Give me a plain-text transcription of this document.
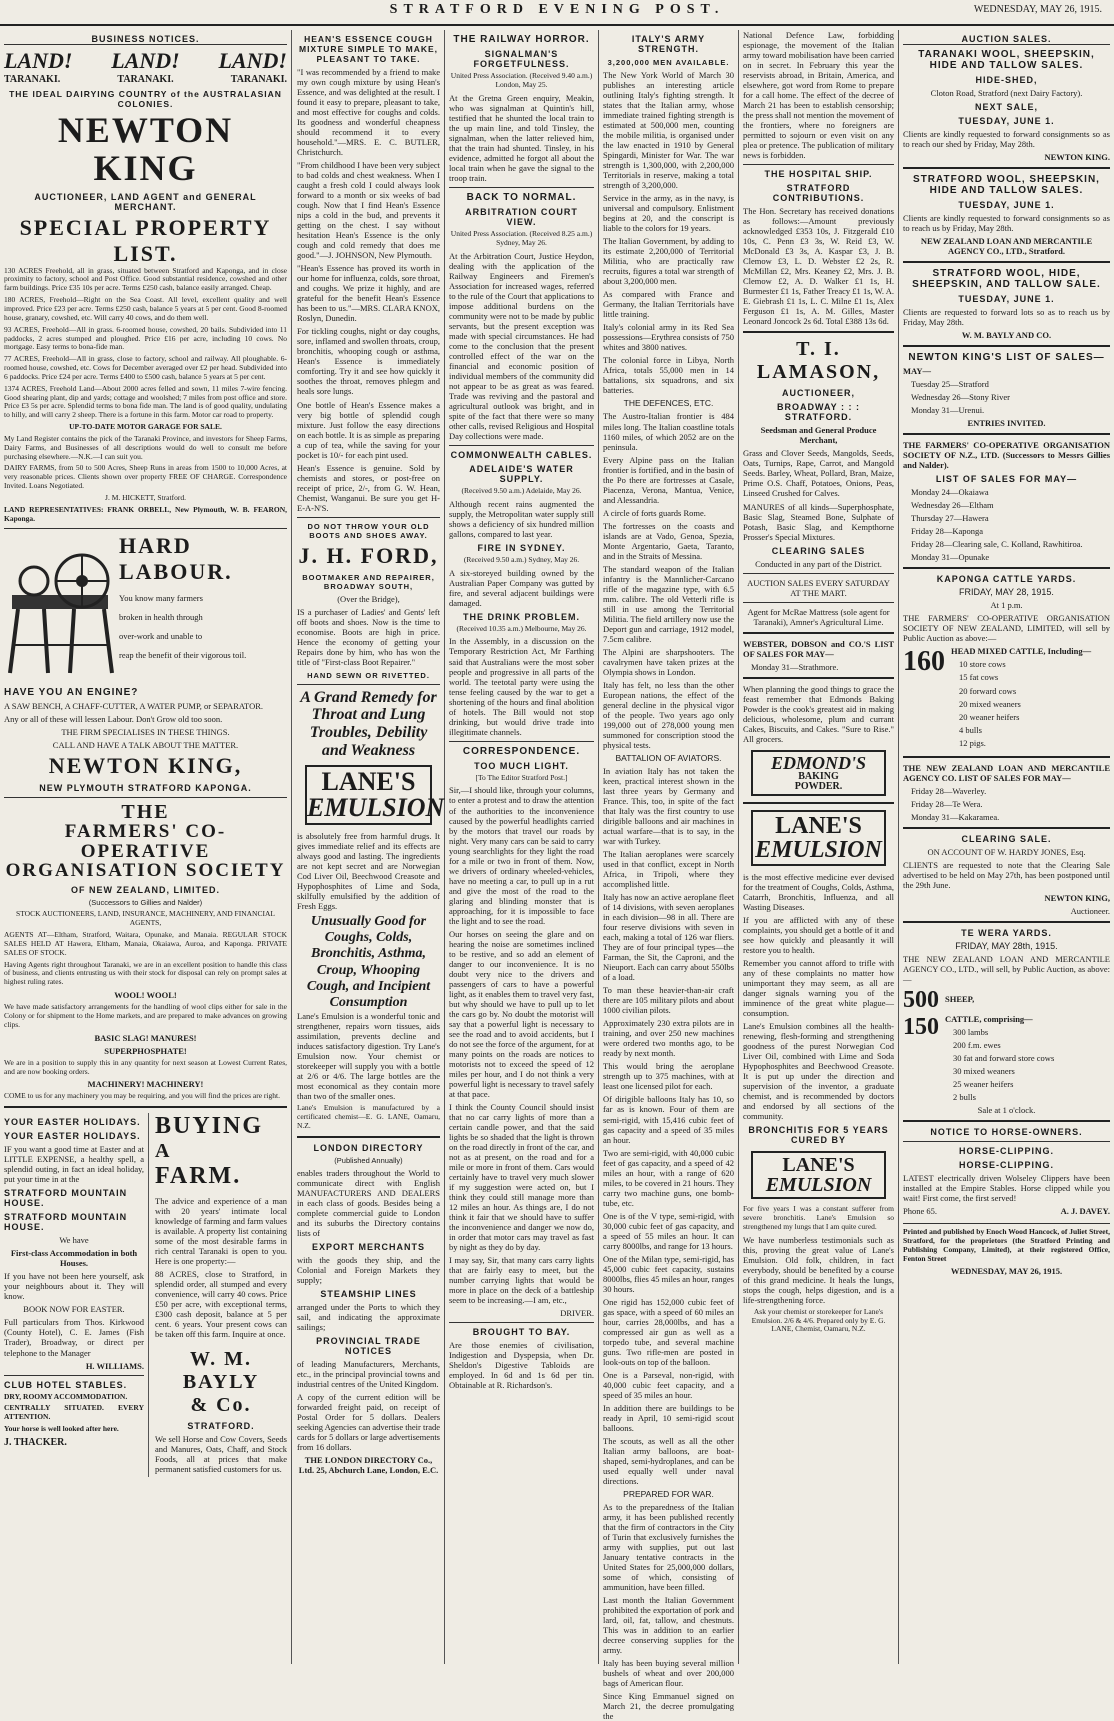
STRATFORD EVENING POST.	WEDNESDAY, MAY 26, 1915.
BUSINESS NOTICES.
LAND! LAND! LAND!
TARANAKI.	TARANAKI.	TARANAKI.
THE IDEAL DAIRYING COUNTRY of the AUSTRALASIAN COLONIES.
NEWTON KING
AUCTIONEER, LAND AGENT and GENERAL MERCHANT.
SPECIAL PROPERTY LIST.

130 ACRES Freehold, all in grass, situated between Stratford and Kaponga, and in close proximity to factory, school and Post Office. Good substantial residence, cowshed and other farm buildings. Price £35 10s per acre. Terms £250 cash, balance easily arranged. Cheap.

180 ACRES, Freehold—Right on the Sea Coast. All level, excellent quality and well improved. Price £23 per acre. Terms £250 cash, balance 5 years at 5 per cent. Good 8-roomed house, granary, cowshed, etc. Will carry 40 cows, and do them well.

93 ACRES, Freehold—All in grass. 6-roomed house, cowshed, 20 bails. Subdivided into 11 paddocks, 2 acres stumped and ploughed. Price £16 per acre, including 10 cows. No mortgage. Easy terms to bona-fide man.

77 ACRES, Freehold—All in grass, close to factory, school and railway. All ploughable. 6-roomed house, cowshed, etc. Cows for December averaged over £2 per head. Subdivided into 6 paddocks. Price £24 per acre. Terms £400 to £500 cash, balance 5 years at 5 per cent.

1374 ACRES, Freehold Land—About 2000 acres felled and sown, 11 miles 7-wire fencing. Good shearing plant, dip and yards; cottage and woolshed; 7 miles from post office and store. Price £3 5s per acre. Splendid terms to bona fide man. The land is of good quality, undulating to hilly, and will carry 2 sheep. There is a fortune in this farm. Motor car road to property.

UP-TO-DATE MOTOR GARAGE FOR SALE.

My Land Register contains the pick of the Taranaki Province, and investors for Sheep Farms, Dairy Farms, and Businesses of all descriptions would do well to consult me before purchasing elsewhere.—N.K.—I can suit you.

DAIRY FARMS, from 50 to 500 Acres, Sheep Runs in areas from 1500 to 10,000 Acres, at very reasonable prices. Clients shown over property FREE OF CHARGE. Correspondence Invited. Loans Negotiated.

J. M. HICKETT, Stratford.

LAND REPRESENTATIVES: FRANK ORBELL, New Plymouth, W. B. FEARON, Kaponga.

HARD
LABOUR.

You know many farmers

broken in health through

over-work and unable to

reap the benefit of their vigorous toil.

HAVE YOU AN ENGINE?

A SAW BENCH, A CHAFF-CUTTER, A WATER PUMP, or SEPARATOR.

Any or all of these will lessen Labour. Don't Grow old too soon.

THE FIRM SPECIALISES IN THESE THINGS.

CALL AND HAVE A TALK ABOUT THE MATTER.

NEWTON KING,
NEW PLYMOUTH STRATFORD KAPONGA.
THE
FARMERS' CO-OPERATIVE
ORGANISATION SOCIETY
OF NEW ZEALAND, LIMITED.
(Successors to Gillies and Nalder)

STOCK AUCTIONEERS, LAND, INSURANCE, MACHINERY, AND FINANCIAL AGENTS,

AGENTS AT—Eltham, Stratford, Waitara, Opunake, and Manaia. REGULAR STOCK SALES HELD AT Hawera, Eltham, Manaia, Okaiawa, Auroa, and Kaponga. PRIVATE SALES OF STOCK.

Having Agents right throughout Taranaki, we are in an excellent position to handle this class of business, and clients entrusting us with their stock for disposal can rely on prompt sales at highest ruling rates.

WOOL! WOOL!

We have made satisfactory arrangements for the handling of wool clips either for sale in the Colony or for shipment to the Home markets, and are prepared to make advances on growing clips.

BASIC SLAG! MANURES!

SUPERPHOSPHATE!

We are in a position to supply this in any quantity for next season at Lowest Current Rates, and are now booking orders.

MACHINERY! MACHINERY!

COME to us for any machinery you may be requiring, and you will find the prices are right.

YOUR EASTER HOLIDAYS.
YOUR EASTER HOLIDAYS.

IF you want a good time at Easter and at LITTLE EXPENSE, a healthy spell, a splendid outing, in fact an ideal holiday, put your time in at the

STRATFORD MOUNTAIN HOUSE.
STRATFORD MOUNTAIN HOUSE.

We have

First-class Accommodation in both Houses.

If you have not been here yourself, ask your neighbours about it. They will know.

BOOK NOW FOR EASTER.

Full particulars from Thos. Kirkwood (County Hotel), C. E. James (Fish Trader), Broadway, or direct per telephone to the Manager

H. WILLIAMS.

CLUB HOTEL STABLES.

DRY, ROOMY ACCOMMODATION.

CENTRALLY SITUATED. EVERY ATTENTION.

Your horse is well looked after here.

J. THACKER.

BUYING
A
FARM.

The advice and experience of a man with 20 years' intimate local knowledge of farming and farm values is available. A property list containing some of the most desirable farms in rich central Taranaki is open to you. Here is one property:—

88 ACRES, close to Stratford, in splendid order, all stumped and every convenience, will carry 40 cows. Price £50 per acre, with exceptional terms, £300 cash deposit, balance at 5 per cent. 6 years. Your present cows can be taken off this farm. Inquire at once.

W. M. BAYLY
& Co.
STRATFORD.

We sell Horse and Cow Covers, Seeds and Manures, Oats, Chaff, and Stock Foods, all at prices that make permanent satisfied customers for us.

HEAN'S ESSENCE COUGH MIXTURE SIMPLE TO MAKE, PLEASANT TO TAKE.

"I was recommended by a friend to make my own cough mixture by using Hean's Essence, and was delighted at the result. I found it easy to prepare, pleasant to take, and most effective for coughs and colds. Its goodness and wonderful cheapness should recommend it to every household."—MRS. E. C. BUTLER, Christchurch.

"From childhood I have been very subject to bad colds and chest weakness. When I caught a fresh cold I could always look forward to a month or six weeks of bad cough. Now that I find Hean's Essence nips a cold in the bud, and prevents it getting on the chest. I say without hesitation Hean's Essence is the only cough and cold remedy that does me good."—J. JOHNSON, New Plymouth.

"Hean's Essence has proved its worth in our home for influenza, colds, sore throat, and coughs. We prize it highly, and are grateful for the benefit Hean's Essence has been to us."—MRS. CLARA KNOX, Roslyn, Dunedin.

For tickling coughs, night or day coughs, sore, inflamed and swollen throats, croup, bronchitis, whooping cough or asthma, Hean's Essence is immediately comforting. Try it and see how quickly it soothes the throat, removes phlegm and heals sore lungs.

One bottle of Hean's Essence makes a very big bottle of splendid cough mixture. Just follow the easy directions on each bottle. It is as simple as preparing a cup of tea, while the saving for your pocket is 10/- for each pint used.

Hean's Essence is genuine. Sold by chemists and stores, or post-free on receipt of price, 2/-, from G. W. Hean, Chemist, Wanganui. Be sure you get H-E-A-N'S.

DO NOT THROW YOUR OLD BOOTS AND SHOES AWAY.
J. H. FORD,
BOOTMAKER AND REPAIRER, BROADWAY SOUTH,

(Over the Bridge),

IS a purchaser of Ladies' and Gents' left off boots and shoes. Now is the time to economise. Boots are high in price. Hence the economy of getting your Repairs done by him, who has won the title of "First-class Boot Repairer."

HAND SEWN OR RIVETTED.
A Grand Remedy for Throat and Lung Troubles, Debility and Weakness
LANE'S
EMULSION

is absolutely free from harmful drugs. It gives immediate relief and its effects are always good and lasting. The ingredients are not kept secret and are Norwegian Cod Liver Oil, Beechwood Creasote and Hypophosphites of Lime and Soda, skilfully emulsified by the addition of Fresh Eggs.

Unusually Good for Coughs, Colds, Bronchitis, Asthma, Croup, Whooping Cough, and Incipient Consumption

Lane's Emulsion is a wonderful tonic and strengthener, repairs worn tissues, aids assimilation, prevents decline and induces satisfactory digestion. Try Lane's Emulsion now. Your chemist or storekeeper will supply you with a bottle at 2/6 or 4/6. The large bottles are the most economical as they contain more than two of the smaller ones.

Lane's Emulsion is manufactured by a certificated chemist—E. G. LANE, Oamaru, N.Z.

LONDON DIRECTORY
(Published Annually)

enables traders throughout the World to communicate direct with English MANUFACTURERS AND DEALERS in each class of goods. Besides being a complete commercial guide to London and its suburbs the Directory contains lists of

EXPORT MERCHANTS

with the goods they ship, and the Colonial and Foreign Markets they supply;

STEAMSHIP LINES

arranged under the Ports to which they sail, and indicating the approximate sailings;

PROVINCIAL TRADE NOTICES

of leading Manufacturers, Merchants, etc., in the principal provincial towns and industrial centres of the United Kingdom.

A copy of the current edition will be forwarded freight paid, on receipt of Postal Order for 5 dollars. Dealers seeking Agencies can advertise their trade cards for 5 dollars or large advertisements from 16 dollars.

THE LONDON DIRECTORY Co., Ltd. 25, Abchurch Lane, London, E.C.

THE RAILWAY HORROR.
SIGNALMAN'S FORGETFULNESS.

United Press Association. (Received 9.40 a.m.) London, May 25.

At the Gretna Green enquiry, Meakin, who was signalman at Quintin's hill, testified that he shunted the local train to the up main line, and told Tinsley, the signalman, when the latter relieved him, that the train had shunted. Tinsley, in his evidence, admitted he forgot all about the local train when he gave the signal to the troop train.

BACK TO NORMAL.
ARBITRATION COURT VIEW.

United Press Association. (Received 8.25 a.m.) Sydney, May 26.

At the Arbitration Court, Justice Heydon, dealing with the application of the Railway Engineers and Firemen's Association for increased wages, referred to the rule of the Court that applications to impose additional burdens on the community were not to be made by public servants, but the present exception was made with special circumstances. He had come to the conclusion that the present controlled effect of the war on the financial and economic position of individual members of the community did not appear to be as great as was feared. Trade was reviving and the pastoral and agricultural outlook was bright, and in spite of the fact that there were so many other calls, revised Religious and Hospital Day collections were made.

COMMONWEALTH CABLES.
ADELAIDE'S WATER SUPPLY.

(Received 9.50 a.m.) Adelaide, May 26.

Although recent rains augmented the supply, the Metropolitan water supply still shows a deficiency of six hundred million gallons, compared to last year.

FIRE IN SYDNEY.

(Received 9.50 a.m.) Sydney, May 26.

A six-storeyed building owned by the Australian Paper Company was gutted by fire, and several adjacent buildings were damaged.

THE DRINK PROBLEM.

(Received 10.35 a.m.) Melbourne, May 26.

In the Assembly, in a discussion on the Temporary Restriction Act, Mr Farthing said that Australians were the most sober people and progressive in all parts of the world. The teetotal party were using the tense feeling caused by the war to get a shortening of the hours and final abolition of hotels. The Bill would not stop drinking, but would drive trade into illegitimate channels.

CORRESPONDENCE.
TOO MUCH LIGHT.

[To The Editor Stratford Post.]

Sir,—I should like, through your columns, to enter a protest and to draw the attention of the authorities to the inconvenience caused by the powerful headlights carried by the motors that travel our roads by night. Very many cars can be said to carry young searchlights for they light the road for a mile or two in front of them. Now, we drivers of ordinary wheeled-vehicles, have no meeting a car, to pull up in a rut and give the most of the road to the glaring and blinding monster that is approaching, for it is impossible to face the light and to see the road.

Our horses on seeing the glare and on hearing the noise are sometimes inclined to be restive, and so add an element of danger to our inconvenience. It is no doubt very nice to the drivers and passengers of cars to have a powerful light, as it enables them to travel very fast, but why should we have to pull up to let the cars go by. No doubt the motorist will say that a powerful light is necessary to see the road and to avoid accidents, but I do not see the force of the argument, for at many points on the roads are notices to motorists not to exceed the speed of 12 miles per hour, and I do not think a very powerful light is necessary to travel safely at that pace.

I think the County Council should insist that no car carry lights of more than a certain candle power, and that the said lights be so shaded that the light is thrown on the road directly in front of the car, and not as at present, on the road and for a mile or more in front of them. Cars would certainly have to travel very much slower if my suggestion were acted on, but I think they could still manage more than 12 miles an hour. As things are, I do not think it fair that we should have to suffer the inconvenience and danger we now do, in order that motor cars may travel as fast by night as they do by day.

I may say, Sir, that many cars carry lights that are fairly easy to meet, but the number carrying lights that would be more in place on the deck of a battleship seem to be increasing.—I am, etc.,

DRIVER.

BROUGHT TO BAY.

Are those enemies of civilisation, Indigestion and Dyspepsia, when Dr. Sheldon's Digestive Tabloids are employed. In 6d and 1s 6d per tin. Obtainable at R. Richardson's.

ITALY'S ARMY STRENGTH.
3,200,000 MEN AVAILABLE.

The New York World of March 30 publishes an interesting article outlining Italy's fighting strength. It states that the Italian army, whose immediate trained fighting strength is estimated at 500,000 men, counting the mobile militia, is organised under the law enacted in 1910 by General Spingardi, Minister for War. The war strength is 1,300,000, with 2,200,000 Territorials in reserve, making a total strength of 3,200,000.

Service in the army, as in the navy, is universal and compulsory. Enlistment begins at 20, and the conscript is liable to the colors for 19 years.

The Italian Government, by adding to its estimate 2,200,000 of Territorial Militia, who are practically raw recruits, figures a total war strength of about 3,200,000 men.

As compared with France and Germany, the Italian Territorials have little training.

Italy's colonial army in its Red Sea possessions—Erythrea consists of 750 whites and 3800 natives.

The colonial force in Libya, North Africa, totals 55,000 men in 14 battalions, six squadrons, and six batteries.

THE DEFENCES, ETC.

The Austro-Italian frontier is 484 miles long. The Italian coastline totals 1160 miles, of which 2052 are on the peninsula.

Every Alpine pass on the Italian frontier is fortified, and in the basin of the Po there are fortresses at Casale, Piacenza, Verona, Mantua, Venice, and Alessandria.

A circle of forts guards Rome.

The fortresses on the coasts and islands are at Vado, Genoa, Spezia, Monte Argentario, Gaeta, Taranto, and in the Straits of Messina.

The standard weapon of the Italian infantry is the Mannlicher-Carcano rifle of the magazine type, with 6.5 mm. calibre. The old Vetterli rifle is still in use among the Territorial Militia. The field artillery now use the Deport gun and carriage, 1912 model, 7.5cm calibre.

The Alpini are sharpshooters. The cavalrymen have taken prizes at the Olympia shows in London.

Italy has felt, no less than the other European nations, the effect of the general decline in the physical vigor of the people. Two years ago only 199,000 out of 278,000 young men summoned for conscription stood the physical tests.

BATTALION OF AVIATORS.

In aviation Italy has not taken the keen, practical interest shown in the last three years by Germany and France. This, too, in spite of the fact that Italy was the first country to use dirigible balloons and air machines in actual warfare—that is to say, in the war with Turkey.

The Italian aeroplanes were scarcely used in that conflict, except in North Africa, in Tripoli, where they accomplished little.

Italy has now an active aeroplane fleet of 14 divisions, with seven aeroplanes in each division—98 in all. There are four reserve divisions with seven in each, making a total of 126 war fliers. They are of four principal types—the Farman, the Sit, the Caproni, and the Nieuport. Each can carry about 550lbs of a load.

To man these heavier-than-air craft there are 105 military pilots and about 1000 civilian pilots.

Approximately 230 extra pilots are in training, and over 250 new machines were ordered two months ago, to be ready by next month.

This would bring the aeroplane strength up to 375 machines, with at least one licensed pilot for each.

Of dirigible balloons Italy has 10, so far as is known. Four of them are semi-rigid, with 15,416 cubic feet of gas capacity and a speed of 35 miles an hour.

Two are semi-rigid, with 40,000 cubic feet of gas capacity, and a speed of 42 miles an hour, with a range of 620 miles, to be covered in 21 hours. They carry two machine guns, one bomb-tube, etc.

One is of the V type, semi-rigid, with 30,000 cubic feet of gas capacity, and a speed of 55 miles an hour. It can carry 8000lbs, and range for 13 hours.

One of the Milan type, semi-rigid, has 45,000 cubic feet capacity, sustains 8000lbs, flies 45 miles an hour, ranges 30 hours.

One rigid has 152,000 cubic feet of gas space, with a speed of 60 miles an hour, carries 28,000lbs, and has a compressed air gun as well as a torpedo tube, and several machine guns. Two rifle-men are posted in look-outs on top of the balloon.

One is a Parseval, non-rigid, with 40,000 cubic feet capacity, and a speed of 35 miles an hour.

In addition there are buildings to be ready in April, 10 semi-rigid scout balloons.

The scouts, as well as all the other Italian army balloons, are boat-shaped, semi-hydroplanes, and can be used equally well under naval directions.

PREPARED FOR WAR.

As to the preparedness of the Italian army, it has been published recently that the firm of contractors in the City of Turin that exclusively furnishes the army with supplies, put out last January tentative contracts in the United States for 25,000,000 dollars, some of which, consisting of ammunition, have been filled.

Last month the Italian Government prohibited the exportation of pork and lard, oil, fat, tallow, and chestnuts. This was in addition to an earlier decree conserving supplies for the army.

Italy has been buying several million bushels of wheat and over 200,000 bags of American flour.

Since King Emmanuel signed on March 21, the decree promulgating the

National Defence Law, forbidding espionage, the movement of the Italian army toward mobilisation have been carried on in secret. In February this year the reservists abroad, in Britain, America, and elsewhere, got word from Rome to prepare for a call home. The effect of the decree of March 21 has been to establish censorship; the press shall not mention the movement of the frontiers, where no foreigners are permitted to sojourn or even visit on any plea or pretence. The publication of military news is forbidden.

THE HOSPITAL SHIP.
STRATFORD CONTRIBUTIONS.

The Hon. Secretary has received donations as follows:—Amount previously acknowledged £353 10s, J. Fitzgerald £10 10s, C. Penn £3 3s, W. Reid £3, W. McDonald £3 3s, A. Kaspar £3, J. B. Clemow £3, L. D. Webster £2 2s, R. McMillan £2, Mrs. Keaney £2, Mrs. J. B. Clemow £2, A. D. Walker £1 1s, H. Burmester £1 1s, Father Treacy £1 1s, W. A. E. Giebrash £1 1s, L. C. Milne £1 1s, Alex Ferguson £1 1s, A. M. Gilles, Master Leonard Joncock 2s 6d. Total £388 13s 6d.

T. I. LAMASON,
AUCTIONEER,
BROADWAY : : : STRATFORD.

Seedsman and General Produce Merchant,

Grass and Clover Seeds, Mangolds, Seeds, Oats, Turnips, Rape, Carrot, and Mangold Seeds. Barley, Wheat, Pollard, Bran, Maize, Prime O.S. Chaff, Potatoes, Onions, Peas, Linseed Crushed for Calves.

MANURES of all kinds—Superphosphate, Basic Slag, Steamed Bone, Sulphate of Potash, Basic Slag, and Kempthorne Prosser's Special Mixtures.

CLEARING SALES

Conducted in any part of the District.

AUCTION SALES EVERY SATURDAY AT THE MART.

Agent for McRae Mattress (sole agent for Taranaki), Amner's Agricultural Lime.

WEBSTER, DOBSON and CO.'S LIST OF SALES FOR MAY—

Monday 31—Strathmore.

When planning the good things to grace the feast remember that Edmonds Baking Powder is the cook's greatest aid in making delicious, wholesome, plum and currant Cakes, Biscuits, and Cakes. "Sure to Rise." All grocers.

EDMOND'S
BAKING
POWDER.
LANE'S
EMULSION

is the most effective medicine ever devised for the treatment of Coughs, Colds, Asthma, Catarrh, Bronchitis, Influenza, and all Wasting Diseases.

If you are afflicted with any of these complaints, you should get a bottle of it and see how quickly and pleasantly it will restore you to health.

Remember you cannot afford to trifle with any of these complaints no matter how unimportant they may seem, as all are danger signals warning you of the imminence of the great white plague—consumption.

Lane's Emulsion combines all the health-renewing, flesh-forming and strengthening goodness of the purest Norwegian Cod Liver Oil, combined with Lime and Soda Hypophosphites and Beechwood Creasote. It is put up under the direction and supervision of the inventor, a graduate chemist, and is recommended by doctors and endorsed by all sections of the community.

BRONCHITIS FOR 5 YEARS CURED BY
LANE'S
EMULSION

For five years I was a constant sufferer from severe bronchitis. Lane's Emulsion so strengthened my lungs that I am quite cured.

We have numberless testimonials such as this, proving the great value of Lane's Emulsion. Old folk, children, in fact everybody, should be benefited by a course of this grand medicine. It heals the lungs, stops the cough, helps digestion, and is a life-strengthening force.

Ask your chemist or storekeeper for Lane's Emulsion. 2/6 & 4/6. Prepared only by E. G. LANE, Chemist, Oamaru, N.Z.

AUCTION SALES.
TARANAKI WOOL, SHEEPSKIN, HIDE AND TALLOW SALES.
HIDE-SHED,

Cloton Road, Stratford (next Dairy Factory).

NEXT SALE,
TUESDAY, JUNE 1.

Clients are kindly requested to forward consignments so as to reach our shed by Friday, May 28th.

NEWTON KING.

STRATFORD WOOL, SHEEPSKIN, HIDE AND TALLOW SALES.
TUESDAY, JUNE 1.

Clients are kindly requested to forward consignments so as to reach us by Friday, May 28th.

NEW ZEALAND LOAN AND MERCANTILE AGENCY CO., LTD., Stratford.

STRATFORD WOOL, HIDE, SHEEPSKIN, AND TALLOW SALE.
TUESDAY, JUNE 1.

Clients are requested to forward lots so as to reach us by Friday, May 28th.

W. M. BAYLY AND CO.

NEWTON KING'S LIST OF SALES—

MAY—

Tuesday 25—Stratford

Wednesday 26—Stony River

Monday 31—Urenui.

ENTRIES INVITED.

THE FARMERS' CO-OPERATIVE ORGANISATION SOCIETY OF N.Z., LTD. (Successors to Messrs Gillies and Nalder).

LIST OF SALES FOR MAY—

Monday 24—Okaiawa

Wednesday 26—Eltham

Thursday 27—Hawera

Friday 28—Kaponga

Friday 28—Clearing sale, C. Kolland, Rawhitiroa.

Monday 31—Opunake

KAPONGA CATTLE YARDS.
FRIDAY, MAY 28, 1915.

At 1 p.m.

THE FARMERS' CO-OPERATIVE ORGANISATION SOCIETY OF NEW ZEALAND, LIMITED, will sell by Public Auction as above:—

160 HEAD MIXED CATTLE, Including—

10 store cows

15 fat cows

20 forward cows

20 mixed weaners

20 weaner heifers

4 bulls

12 pigs.

THE NEW ZEALAND LOAN AND MERCANTILE AGENCY CO. LIST OF SALES FOR MAY—

Friday 28—Waverley.

Friday 28—Te Wera.

Monday 31—Kakaramea.

CLEARING SALE.

ON ACCOUNT OF W. HARDY JONES, Esq.

CLIENTS are requested to note that the Clearing Sale advertised to be held on May 27th, has been postponed until the 29th June.

NEWTON KING,

Auctioneer.

TE WERA YARDS.
FRIDAY, MAY 28th, 1915.

THE NEW ZEALAND LOAN AND MERCANTILE AGENCY CO., LTD., will sell, by Public Auction, as above:—

500 SHEEP,

150 CATTLE, comprising—

300 lambs

200 f.m. ewes

30 fat and forward store cows

30 mixed weaners

25 weaner heifers

2 bulls

Sale at 1 o'clock.

NOTICE TO HORSE-OWNERS.
HORSE-CLIPPING.
HORSE-CLIPPING.

LATEST electrically driven Wolseley Clippers have been installed at the Empire Stables. Horse clipped while you wait! First come, the first served!

Phone 65.	A. J. DAVEY.

Printed and published by Enoch Wood Hancock, of Juliet Street, Stratford, for the proprietors (the Stratford Printing and Publishing Company, Limited), at their registered Office, Fenton Street

WEDNESDAY, MAY 26, 1915.
